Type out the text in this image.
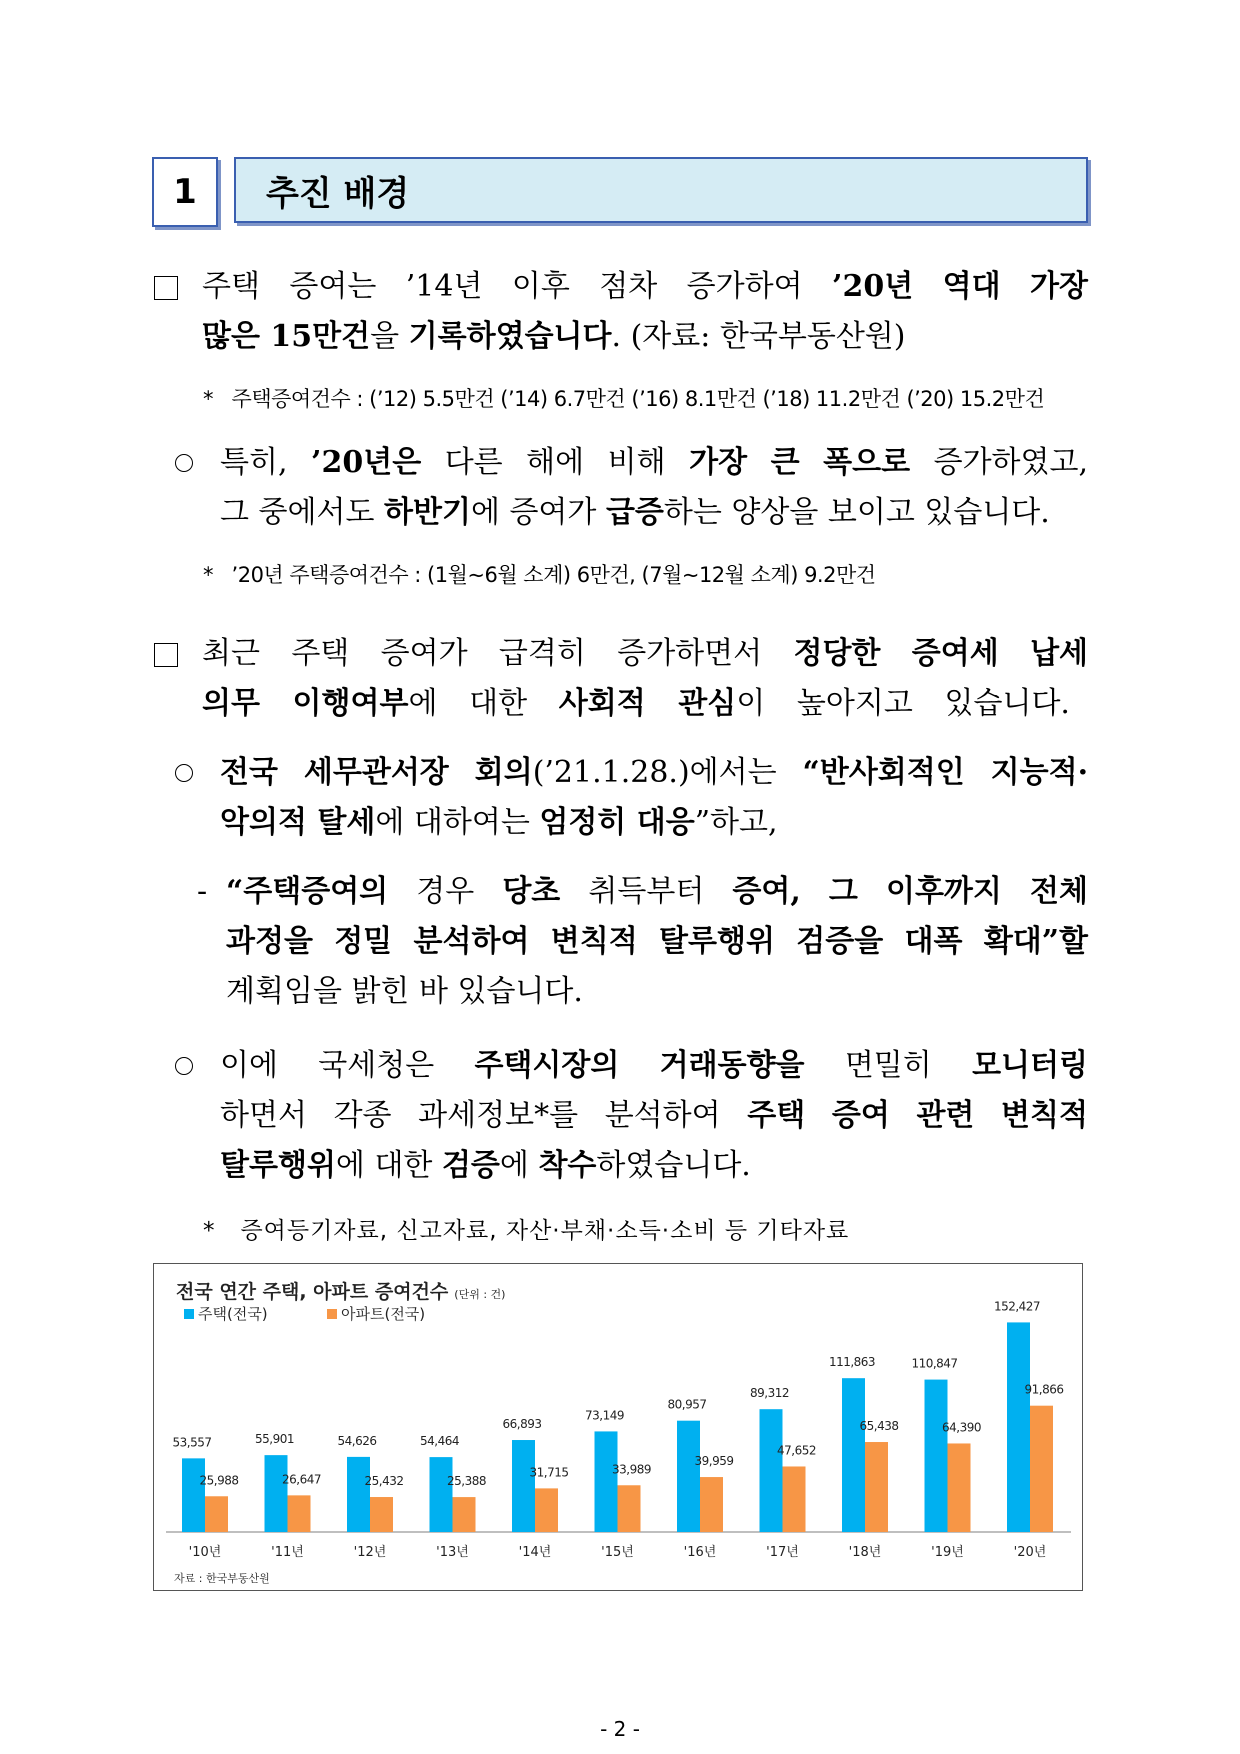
1	추진 배경
주택 증여는 ’14년 이후 점차 증가하여 ’20년 역대 가장
많은 15만건을 기록하였습니다. (자료: 한국부동산원)
*   주택증여건수 : (’12) 5.5만건 (’14) 6.7만건 (’16) 8.1만건 (’18) 11.2만건 (’20) 15.2만건
특히, ’20년은 다른 해에 비해 가장 큰 폭으로 증가하였고,
그 중에서도 하반기에 증여가 급증하는 양상을 보이고 있습니다.
*   ’20년 주택증여건수 : (1월∼6월 소계) 6만건, (7월∼12월 소계) 9.2만건
최근 주택 증여가 급격히 증가하면서 정당한 증여세 납세
의무 이행여부에 대한 사회적 관심이 높아지고 있습니다.
전국 세무관서장 회의(’21.1.28.)에서는 “반사회적인 지능적·
악의적 탈세에 대하여는 엄정히 대응”하고,
- “주택증여의 경우 당초 취득부터 증여, 그 이후까지 전체
과정을 정밀 분석하여 변칙적 탈루행위 검증을 대폭 확대”할
계획임을 밝힌 바 있습니다.
이에 국세청은 주택시장의 거래동향을 면밀히 모니터링
하면서 각종 과세정보*를 분석하여 주택 증여 관련 변칙적
탈루행위에 대한 검증에 착수하였습니다.
*   증여등기자료, 신고자료, 자산·부채·소득·소비 등 기타자료
전국 연간 주택, 아파트 증여건수 (단위 : 건)
주택(전국)	아파트(전국)
53,557
25,988
'10년
55,901
26,647
'11년
54,626
25,432
'12년
54,464
25,388
'13년
66,893
31,715
'14년
73,149
33,989
'15년
80,957
39,959
'16년
89,312
47,652
'17년
111,863
65,438
'18년
110,847
64,390
'19년
152,427
91,866
'20년
자료 : 한국부동산원
- 2 -
